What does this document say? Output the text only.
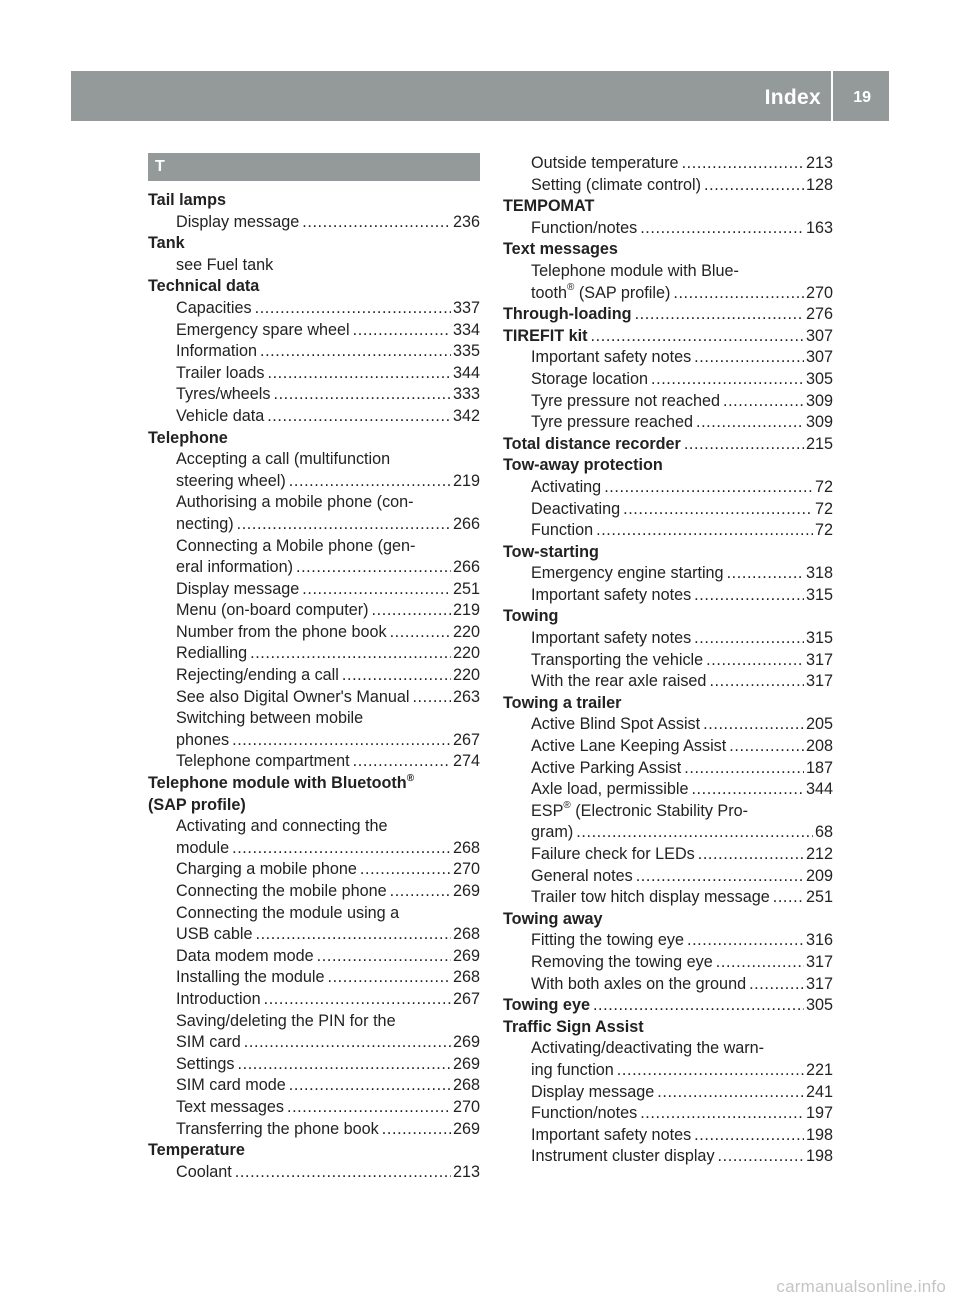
Index 19
T
Tail lamps
Display message .....	236
Tank
see Fuel tank
Technical data
Capacities .....	337
Emergency spare wheel .....	334
Information .....	335
Trailer loads .....	344
Tyres/wheels .....	333
Vehicle data .....	342
Telephone
Accepting a call (multifunction
steering wheel) .....	219
Authorising a mobile phone (con-
necting) .....	266
Connecting a Mobile phone (gen-
eral information) .....	266
Display message .....	251
Menu (on-board computer) .....	219
Number from the phone book .....	220
Redialling .....	220
Rejecting/ending a call .....	220
See also Digital Owner's Manual .....	263
Switching between mobile
phones .....	267
Telephone compartment .....	274
Telephone module with Bluetooth®
(SAP profile)
Activating and connecting the
module .....	268
Charging a mobile phone .....	270
Connecting the mobile phone .....	269
Connecting the module using a
USB cable .....	268
Data modem mode .....	269
Installing the module .....	268
Introduction .....	267
Saving/deleting the PIN for the
SIM card .....	269
Settings .....	269
SIM card mode .....	268
Text messages .....	270
Transferring the phone book .....	269
Temperature
Coolant .....	213
Outside temperature .....	213
Setting (climate control) .....	128
TEMPOMAT
Function/notes .....	163
Text messages
Telephone module with Blue-
tooth® (SAP profile) .....	270
Through-loading .....	276
TIREFIT kit .....	307
Important safety notes .....	307
Storage location .....	305
Tyre pressure not reached .....	309
Tyre pressure reached .....	309
Total distance recorder .....	215
Tow-away protection
Activating .....	72
Deactivating .....	72
Function .....	72
Tow-starting
Emergency engine starting .....	318
Important safety notes .....	315
Towing
Important safety notes .....	315
Transporting the vehicle .....	317
With the rear axle raised .....	317
Towing a trailer
Active Blind Spot Assist .....	205
Active Lane Keeping Assist .....	208
Active Parking Assist .....	187
Axle load, permissible .....	344
ESP® (Electronic Stability Pro-
gram) .....	68
Failure check for LEDs .....	212
General notes .....	209
Trailer tow hitch display message ..... 251
Towing away
Fitting the towing eye .....	316
Removing the towing eye .....	317
With both axles on the ground .....	317
Towing eye .....	305
Traffic Sign Assist
Activating/deactivating the warn-
ing function .....	221
Display message .....	241
Function/notes .....	197
Important safety notes .....	198
Instrument cluster display .....	198
carmanualsonline.info
